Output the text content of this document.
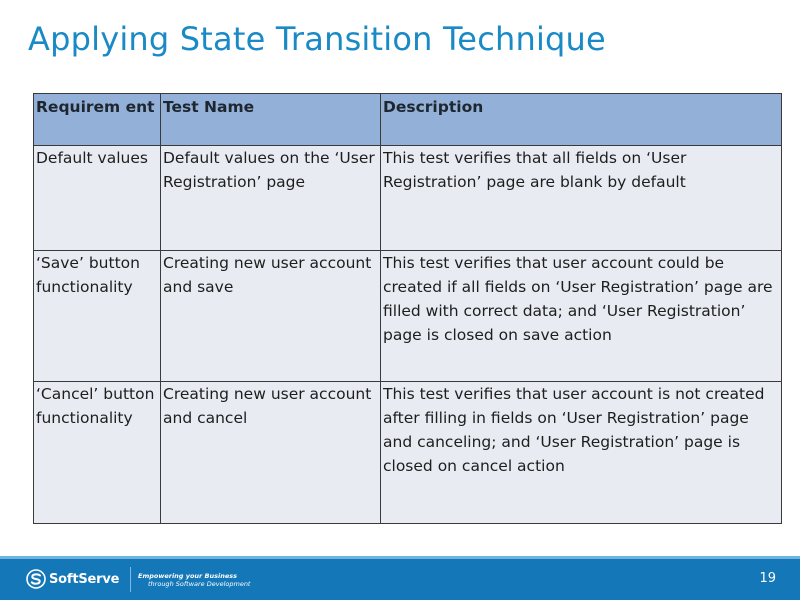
Applying State Transition Technique
Requirem ent	Test Name	Description
Default values	Default values on the ‘User Registration’ page	This test verifies that all fields on ‘User Registration’ page are blank by default
‘Save’ button functionality	Creating new user account and save	This test verifies that user account could be created if all fields on ‘User Registration’ page are filled with correct data; and ‘User Registration’ page is closed on save action
‘Cancel’ button functionality	Creating new user account and cancel	This test verifies that user account is not created after filling in fields on ‘User Registration’ page and canceling; and ‘User Registration’ page is closed on cancel action
SoftServe	Empowering your Business
through Software Development	19
